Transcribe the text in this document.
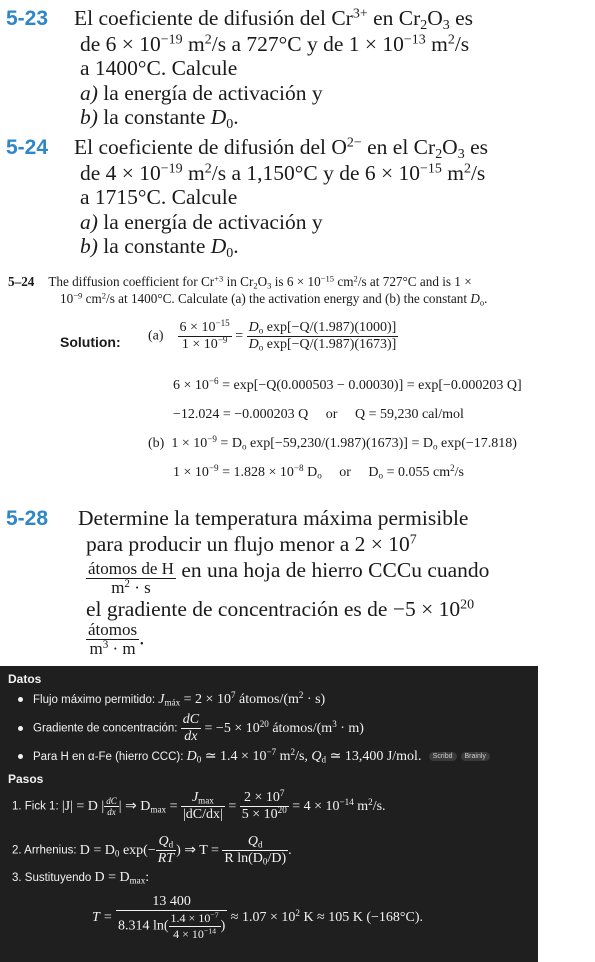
5-23 El coeficiente de difusión del $Cr^{3+}$ en $Cr_2O_3$ es
de $6 \times 10^{-19}$ $m^2/s$ a 727°C y de $1 \times 10^{-13}$ $m^2/s$
a 1400°C. Calcule
a) la energía de activación y
b) la constante $D_0$.
5-24 El coeficiente de difusión del $O^{2-}$ en el $Cr_2O_3$ es
de $4 \times 10^{-19}$ $m^2/s$ a 1,150°C y de $6 \times 10^{-15}$ $m^2/s$
a 1715°C. Calcule
a) la energía de activación y
b) la constante $D_0$.
5–24 The diffusion coefficient for $Cr^{+3}$ in $Cr_2O_3$ is $6 \times 10^{-15}$ $cm^2/s$ at 727°C and is 1 ×
$10^{-9}$ $cm^2/s$ at 1400°C. Calculate (a) the activation energy and (b) the constant $D_o$.
Solution: $(a) \frac{6 \times 10^{-15}}{1 \times 10^{-9}} = \frac{D_o \exp[-Q/(1.987)(1000)]}{D_o \exp[-Q/(1.987)(1673)]}$
$6 \times 10^{-6} = \exp[-Q(0.000503 - 0.00030)] = \exp[-0.000203$ Q]
−12.024 = −0.000203 Q     or     Q = 59,230 cal/mol
(b) $1 \times 10^{-9} = D_o$ $\exp[-59,230/(1.987)(1673)] = D_o$ exp(−17.818)
$1 \times 10^{-9} = 1.828 \times 10^{-8}$ $D_o$     or     $D_o = 0.055$ $cm^2/s$
5-28 Determine la temperatura máxima permisible
para producir un flujo menor a $2 \times 10^7$
$\frac{\text{átomos de H}}{m^2 \cdot s}$ en una hoja de hierro CCCu cuando
el gradiente de concentración es de $-5 \times 10^{20}$
$\frac{\text{átomos}}{m^3 \cdot m}$ .
Datos
Flujo máximo permitido: $J_{máx} = 2 \times 10^7$ átomos/$(m^2 \cdot s)$
Gradiente de concentración: $\frac{dC}{dx} = -5 \times 10^{20}$ átomos/$(m^3 \cdot m)$
Para H en α-Fe (hierro CCC): $D_0$ ≃ $1.4 \times 10^{-7}$ $m^2/s$, $Q_d$ ≃ 13,400 J/mol. Scribd Brainly
Pasos
1. Fick 1: |J| = D | $\frac{dC}{dx}$ | ⇒ $D_{max} = \frac{J_{max}}{|dC/dx|} = \frac{2 \times 10^7}{5 \times 10^{20}} = 4 \times 10^{-14}$ $m^2/s$.
2. Arrhenius: $D = D_0$ $\exp(- \frac{Q_d}{RT}$ ) ⇒ $T = \frac{Q_d}{R \ln(D_0/D)}$ .
3. Sustituyendo $D = D_{max}$:
$T = \frac{13 400}{8.314 \ln( \frac{1.4 \times 10^{-7}}{4 \times 10^{-14}} )} \approx 1.07 \times 10^2$ K ≈ 105 K (−168°C).
